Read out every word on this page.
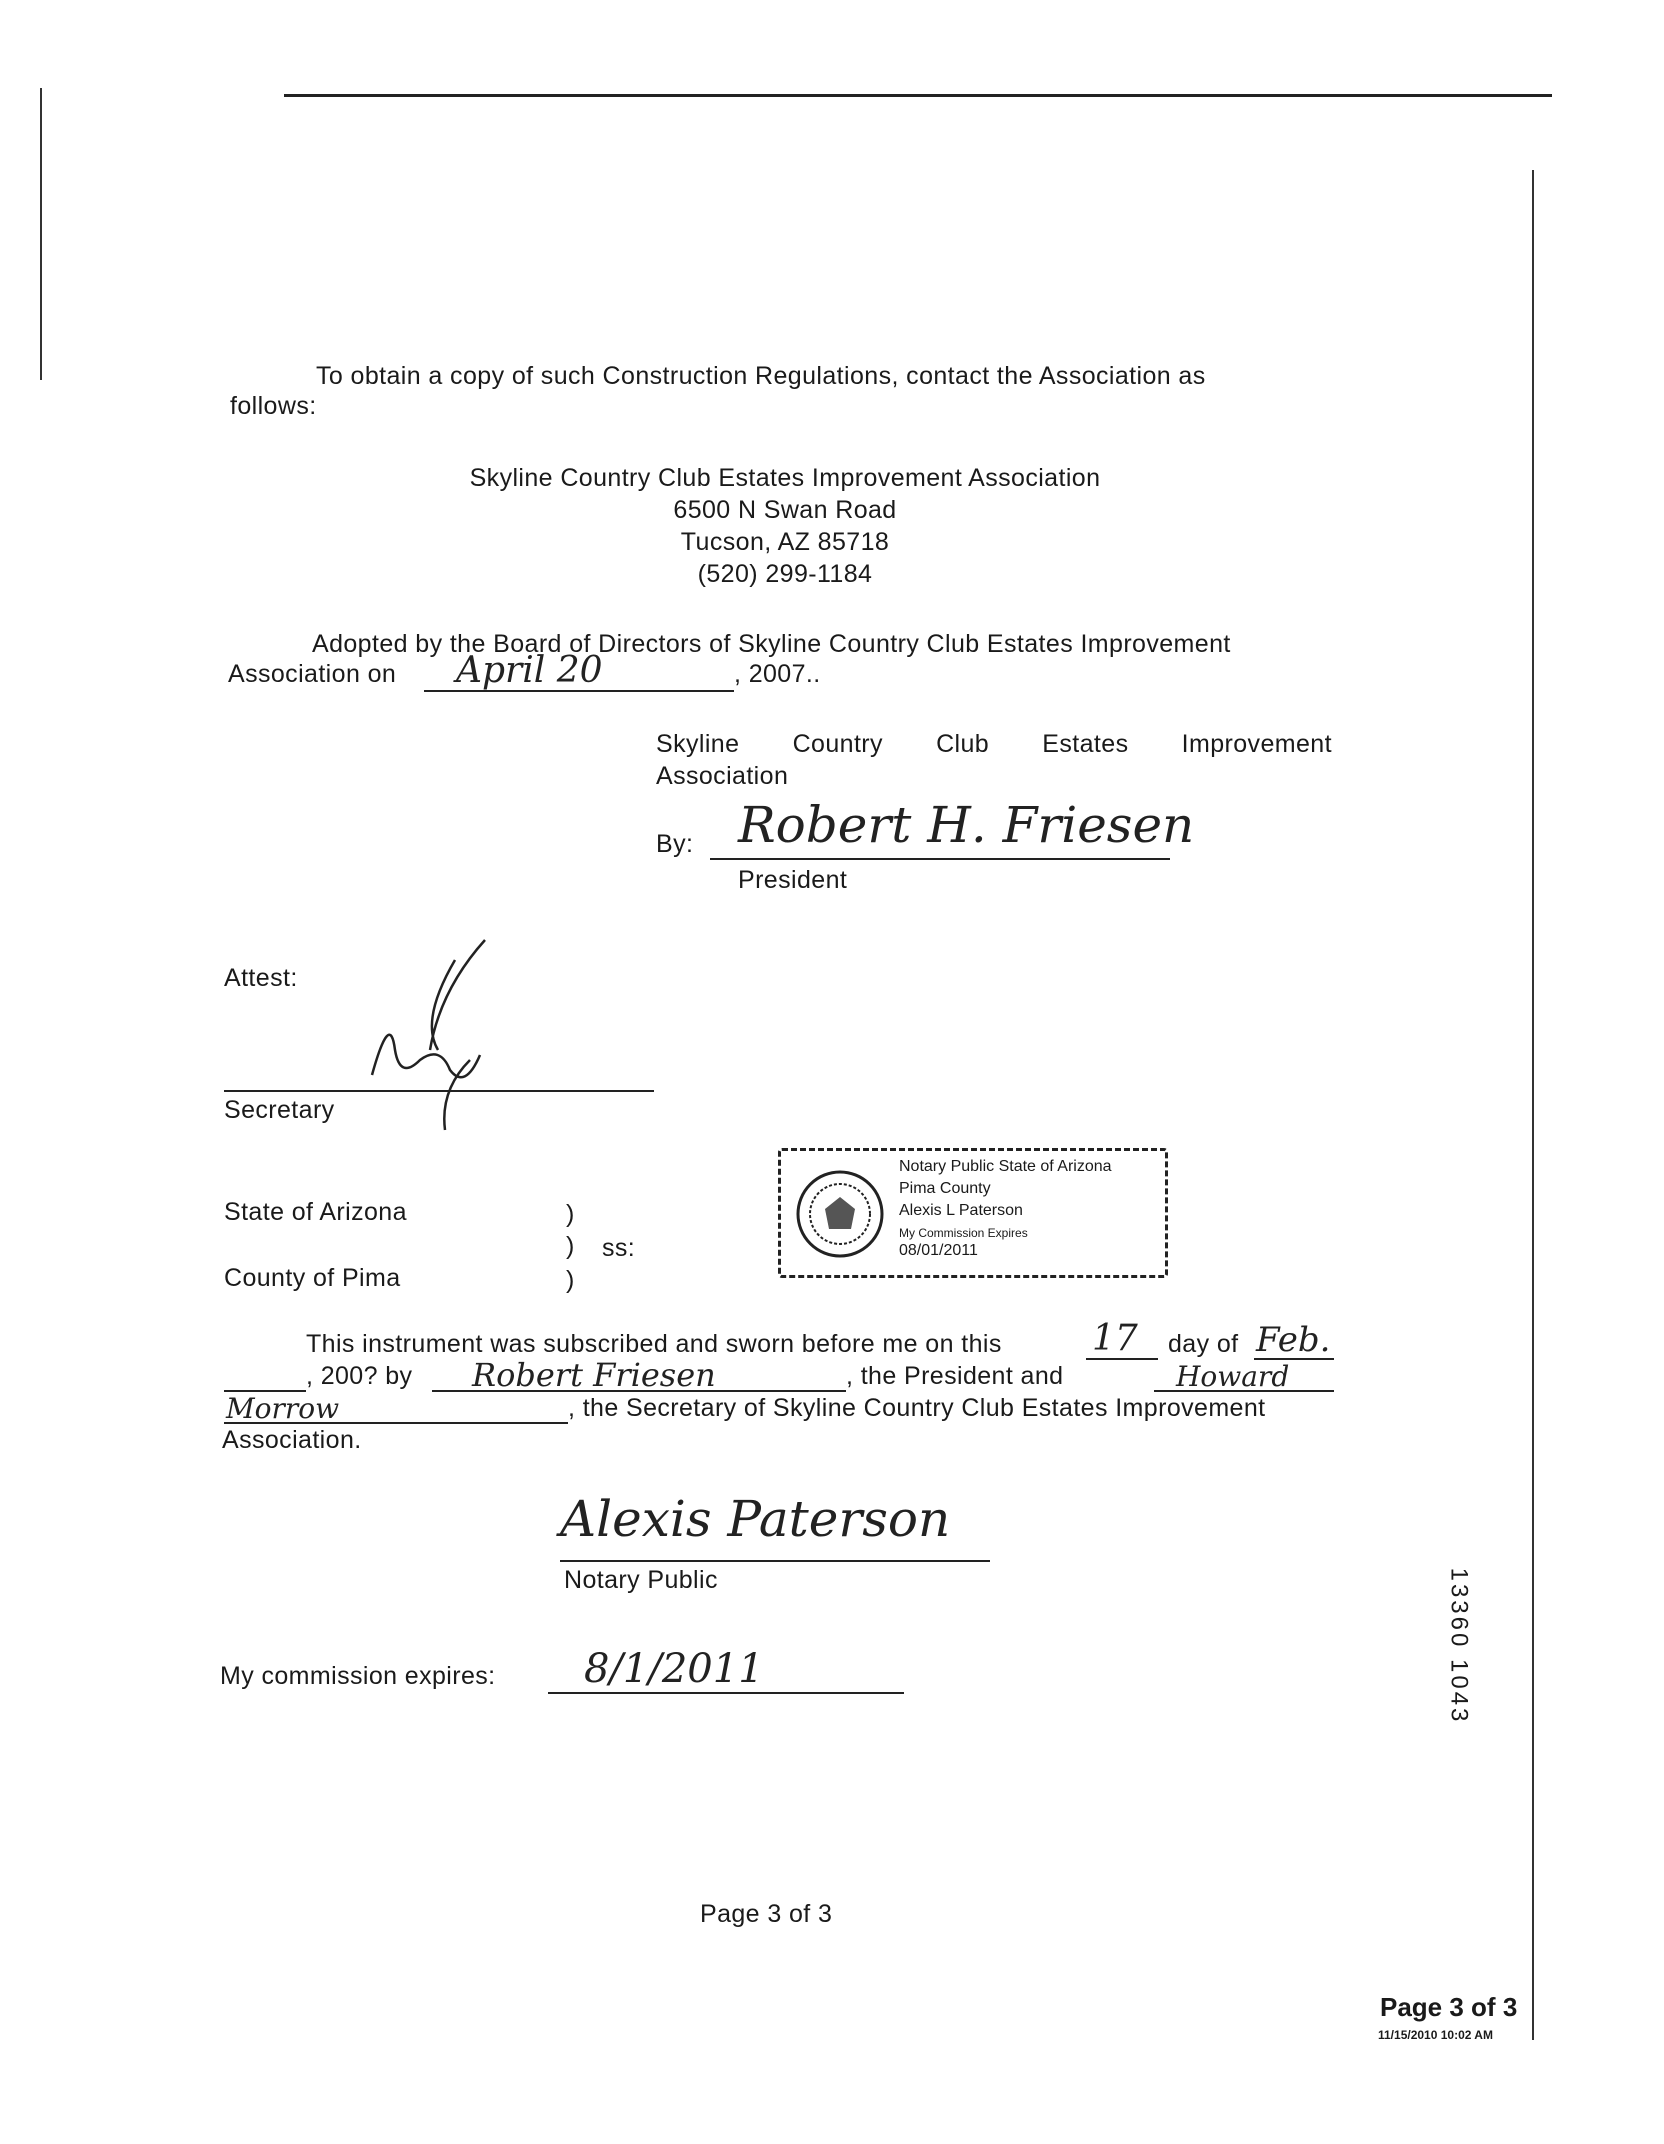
To obtain a copy of such Construction Regulations, contact the Association as
follows:
Skyline Country Club Estates Improvement Association
6500 N Swan Road
Tucson, AZ 85718
(520) 299-1184
Adopted by the Board of Directors of Skyline Country Club Estates Improvement
Association on April 20	, 2007..
Skyline Country Club Estates Improvement
Association
By: Robert H. Friesen
President
Attest:
Secretary
State of Arizona
County of Pima
)
)
)
ss:
Notary Public State of Arizona
Pima County
Alexis L Paterson
My Commission Expires
08/01/2011
This instrument was subscribed and sworn before me on this	17 day of Feb.
, 200? by Robert Friesen	, the President and	Howard
Morrow	, the Secretary of Skyline Country Club Estates Improvement
Association.
Alexis Paterson
Notary Public
My commission expires: 8/1/2011	13360 1043
Page 3 of 3
Page 3 of 3
11/15/2010 10:02 AM
